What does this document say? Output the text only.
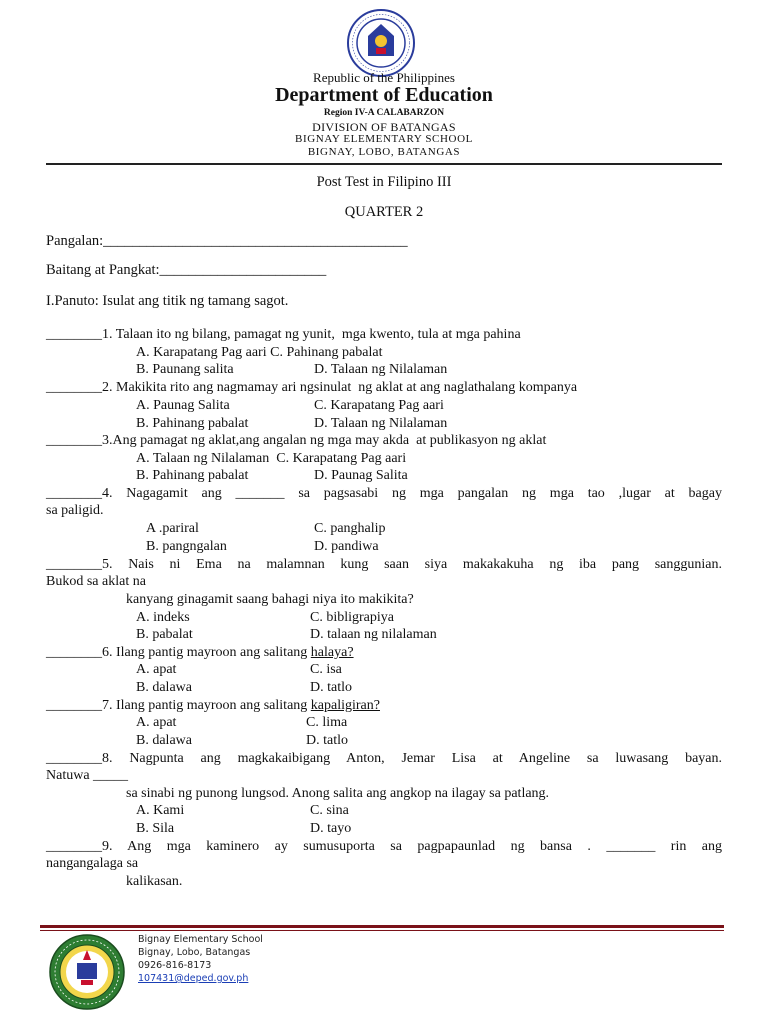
Republic of the Philippines
Department of Education
Region IV-A CALABARZON
DIVISION OF BATANGAS
BIGNAY ELEMENTARY SCHOOL
BIGNAY, LOBO, BATANGAS
Post Test in Filipino III
QUARTER 2
Pangalan:__________________________________________
Baitang at Pangkat:_______________________
I.Panuto: Isulat ang titik ng tamang sagot.
________1. Talaan ito ng bilang, pamagat ng yunit,  mga kwento, tula at mga pahina
A. Karapatang Pag aari C. Pahinang pabalat
B. Paunang salita	D. Talaan ng Nilalaman
________2. Makikita rito ang nagmamay ari ngsinulat  ng aklat at ang naglathalang kompanya
A. Paunag Salita	C. Karapatang Pag aari
B. Pahinang pabalat	D. Talaan ng Nilalaman
________3.Ang pamagat ng aklat,ang angalan ng mga may akda  at publikasyon ng aklat
A. Talaan ng Nilalaman  C. Karapatang Pag aari
B. Pahinang pabalat	D. Paunag Salita
________4. Nagagamit ang _______ sa pagsasabi ng mga pangalan ng mga tao ,lugar at bagay
sa paligid.
A .pariral	C. panghalip
B. pangngalan	D. pandiwa
________5. Nais ni Ema na malamnan kung saan siya makakakuha ng iba pang sanggunian.
Bukod sa aklat na
kanyang ginagamit saang bahagi niya ito makikita?
A. indeks	C. bibligrapiya
B. pabalat	D. talaan ng nilalaman
________6. Ilang pantig mayroon ang salitang halaya?
A. apat	C. isa
B. dalawa	D. tatlo
________7. Ilang pantig mayroon ang salitang kapaligiran?
A. apat	C. lima
B. dalawa	D. tatlo
________8. Nagpunta ang magkakaibigang Anton, Jemar Lisa at Angeline sa luwasang bayan.
Natuwa _____
sa sinabi ng punong lungsod. Anong salita ang angkop na ilagay sa patlang.
A. Kami	C. sina
B. Sila	D. tayo
________9. Ang mga kaminero ay sumusuporta sa pagpapaunlad ng bansa . _______ rin ang
nangangalaga sa
kalikasan.
Bignay Elementary School
Bignay, Lobo, Batangas
0926-816-8173
107431@deped.gov.ph
